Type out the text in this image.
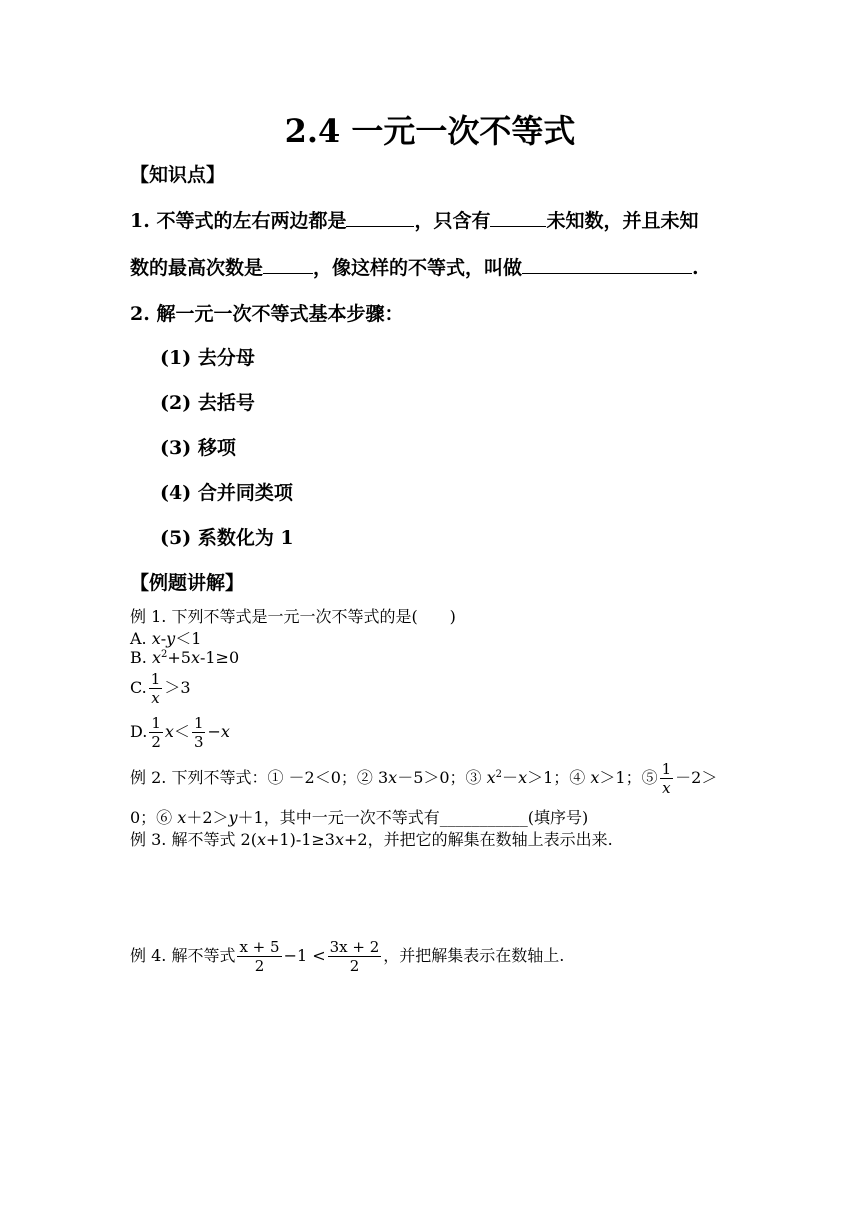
2.4 一元一次不等式
【知识点】
1. 不等式的左右两边都是	，只含有	未知数，并且未知
数的最高次数是	，像这样的不等式，叫做	.
2. 解一元一次不等式基本步骤：
(1) 去分母
(2) 去括号
(3) 移项
(4) 合并同类项
(5) 系数化为 1
【例题讲解】
例 1. 下列不等式是一元一次不等式的是(　　)
A. x-y＜1
B. $x^2+5x-1\ge 0$
C. $\frac{1}{x} >3$
D. $\frac{1}{2} x< \frac{1}{3} -x$
例 2. 下列不等式：① －2＜0；② 3x－5＞0；③ $x^2-x>1$；④ x＞1；⑤ $\frac{1}{x} -2>$
0；⑥ x＋2＞y＋1，其中一元一次不等式有___________(填序号)
例 3. 解不等式 2(x+1)-1≥3x+2，并把它的解集在数轴上表示出来.
例 4. 解不等式 $\frac{x + 5}{2} -1 < \frac{3x + 2}{2}$ ，并把解集表示在数轴上.
